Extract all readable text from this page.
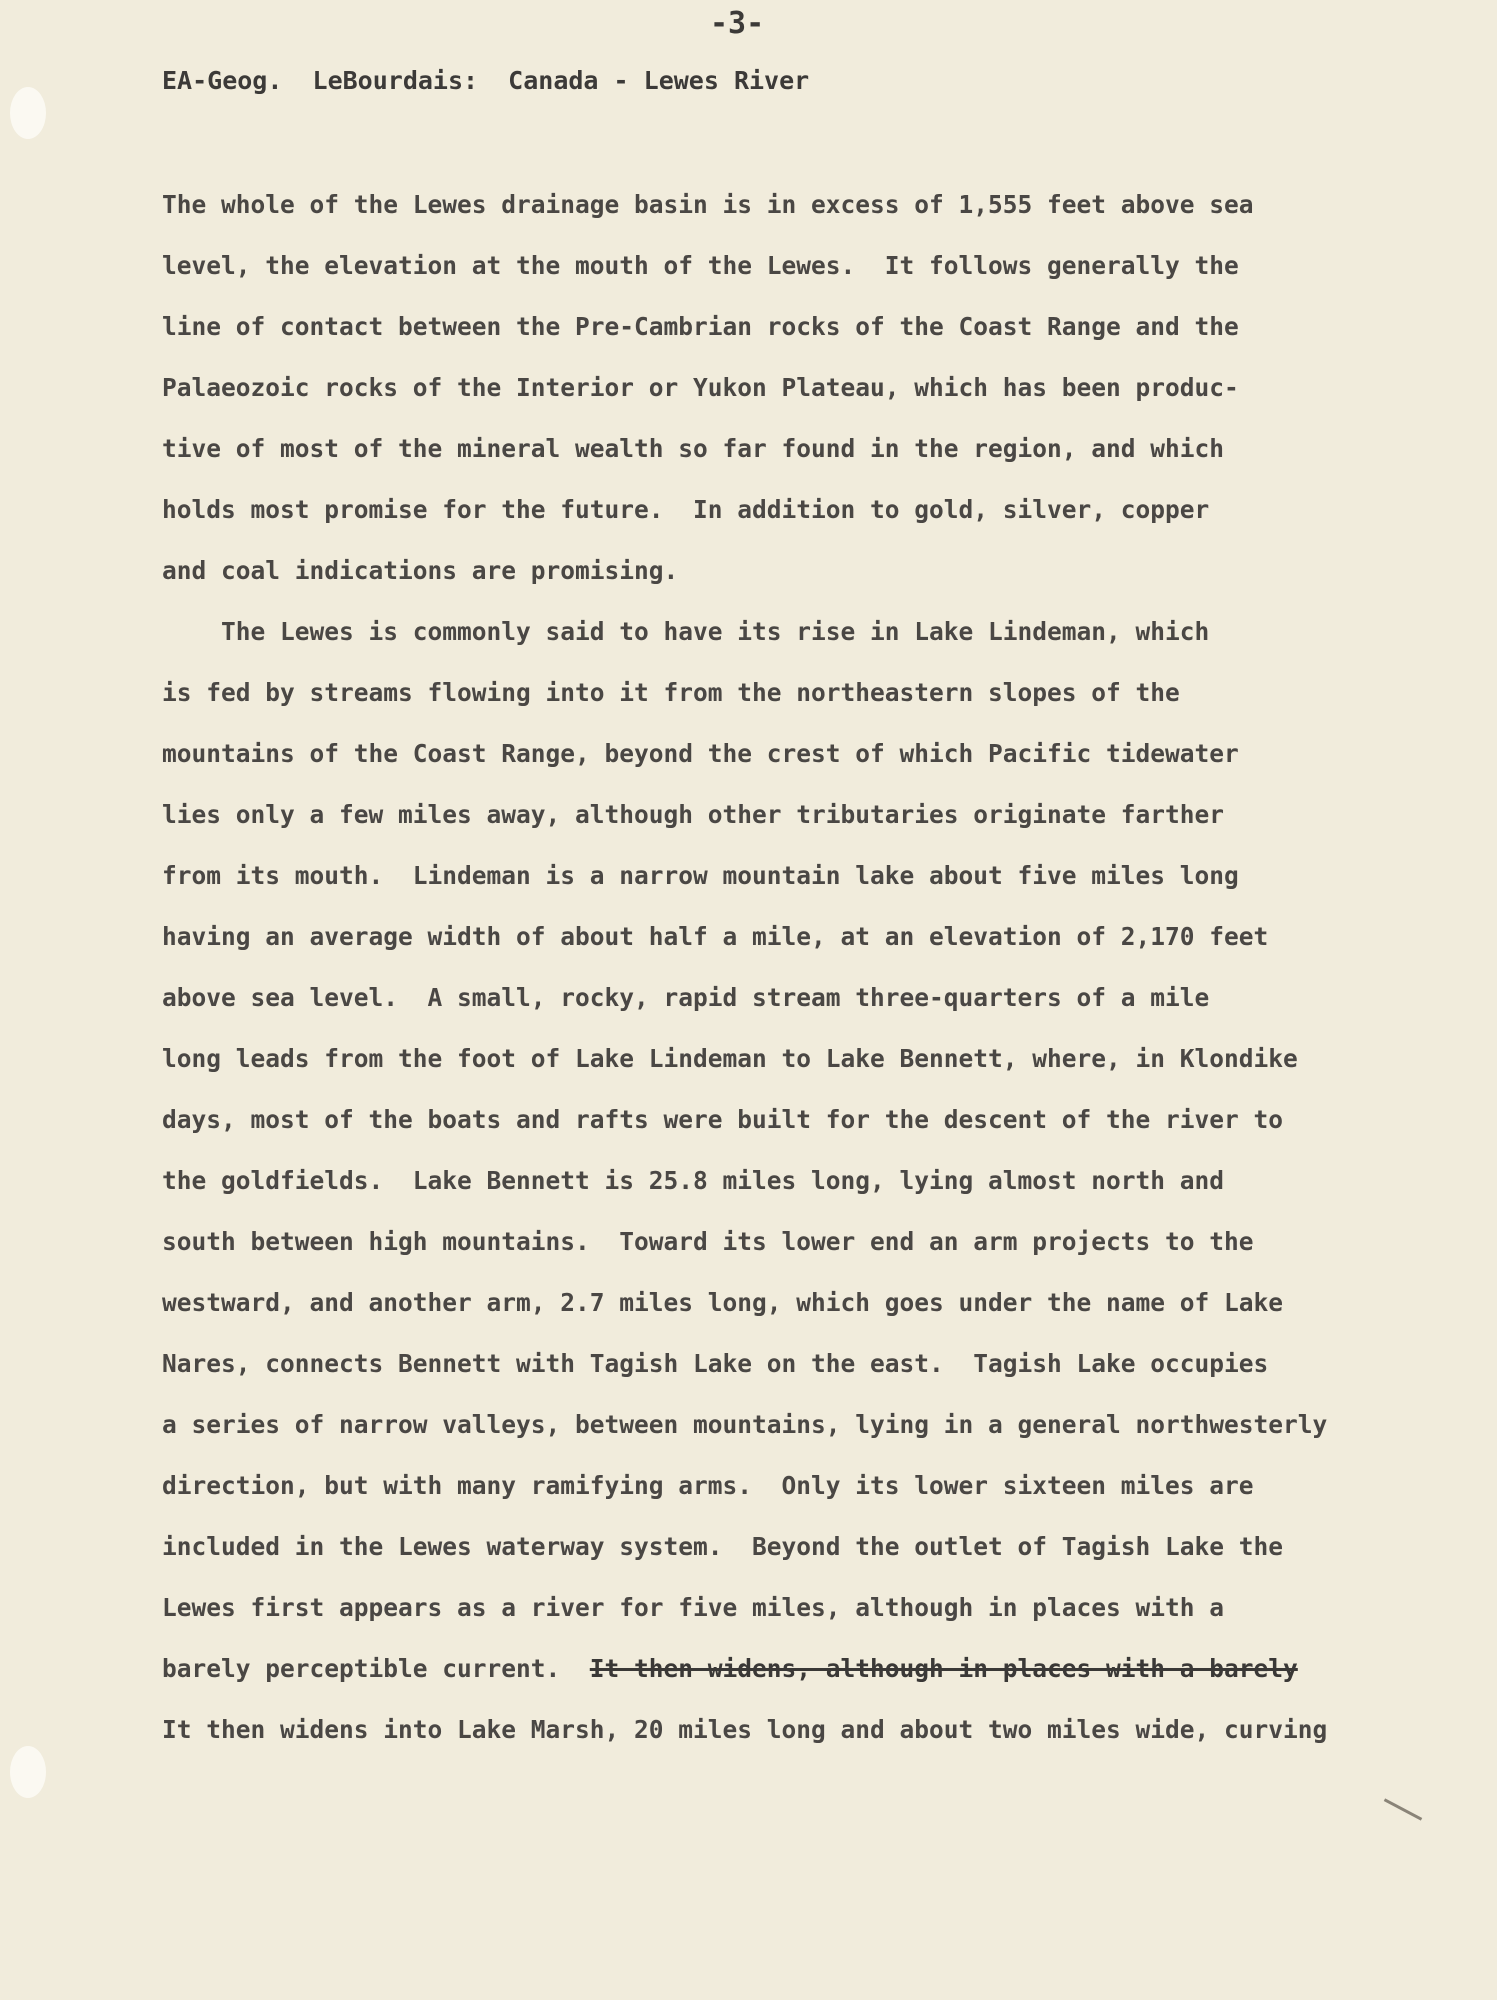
-3-
EA-Geog.  LeBourdais:  Canada - Lewes River
The whole of the Lewes drainage basin is in excess of 1,555 feet above sea
level, the elevation at the mouth of the Lewes.  It follows generally the
line of contact between the Pre-Cambrian rocks of the Coast Range and the
Palaeozoic rocks of the Interior or Yukon Plateau, which has been produc-
tive of most of the mineral wealth so far found in the region, and which
holds most promise for the future.  In addition to gold, silver, copper
and coal indications are promising.
The Lewes is commonly said to have its rise in Lake Lindeman, which
is fed by streams flowing into it from the northeastern slopes of the
mountains of the Coast Range, beyond the crest of which Pacific tidewater
lies only a few miles away, although other tributaries originate farther
from its mouth.  Lindeman is a narrow mountain lake about five miles long
having an average width of about half a mile, at an elevation of 2,170 feet
above sea level.  A small, rocky, rapid stream three-quarters of a mile
long leads from the foot of Lake Lindeman to Lake Bennett, where, in Klondike
days, most of the boats and rafts were built for the descent of the river to
the goldfields.  Lake Bennett is 25.8 miles long, lying almost north and
south between high mountains.  Toward its lower end an arm projects to the
westward, and another arm, 2.7 miles long, which goes under the name of Lake
Nares, connects Bennett with Tagish Lake on the east.  Tagish Lake occupies
a series of narrow valleys, between mountains, lying in a general northwesterly
direction, but with many ramifying arms.  Only its lower sixteen miles are
included in the Lewes waterway system.  Beyond the outlet of Tagish Lake the
Lewes first appears as a river for five miles, although in places with a
barely perceptible current.  It then widens, although in places with a barely
It then widens into Lake Marsh, 20 miles long and about two miles wide, curving
